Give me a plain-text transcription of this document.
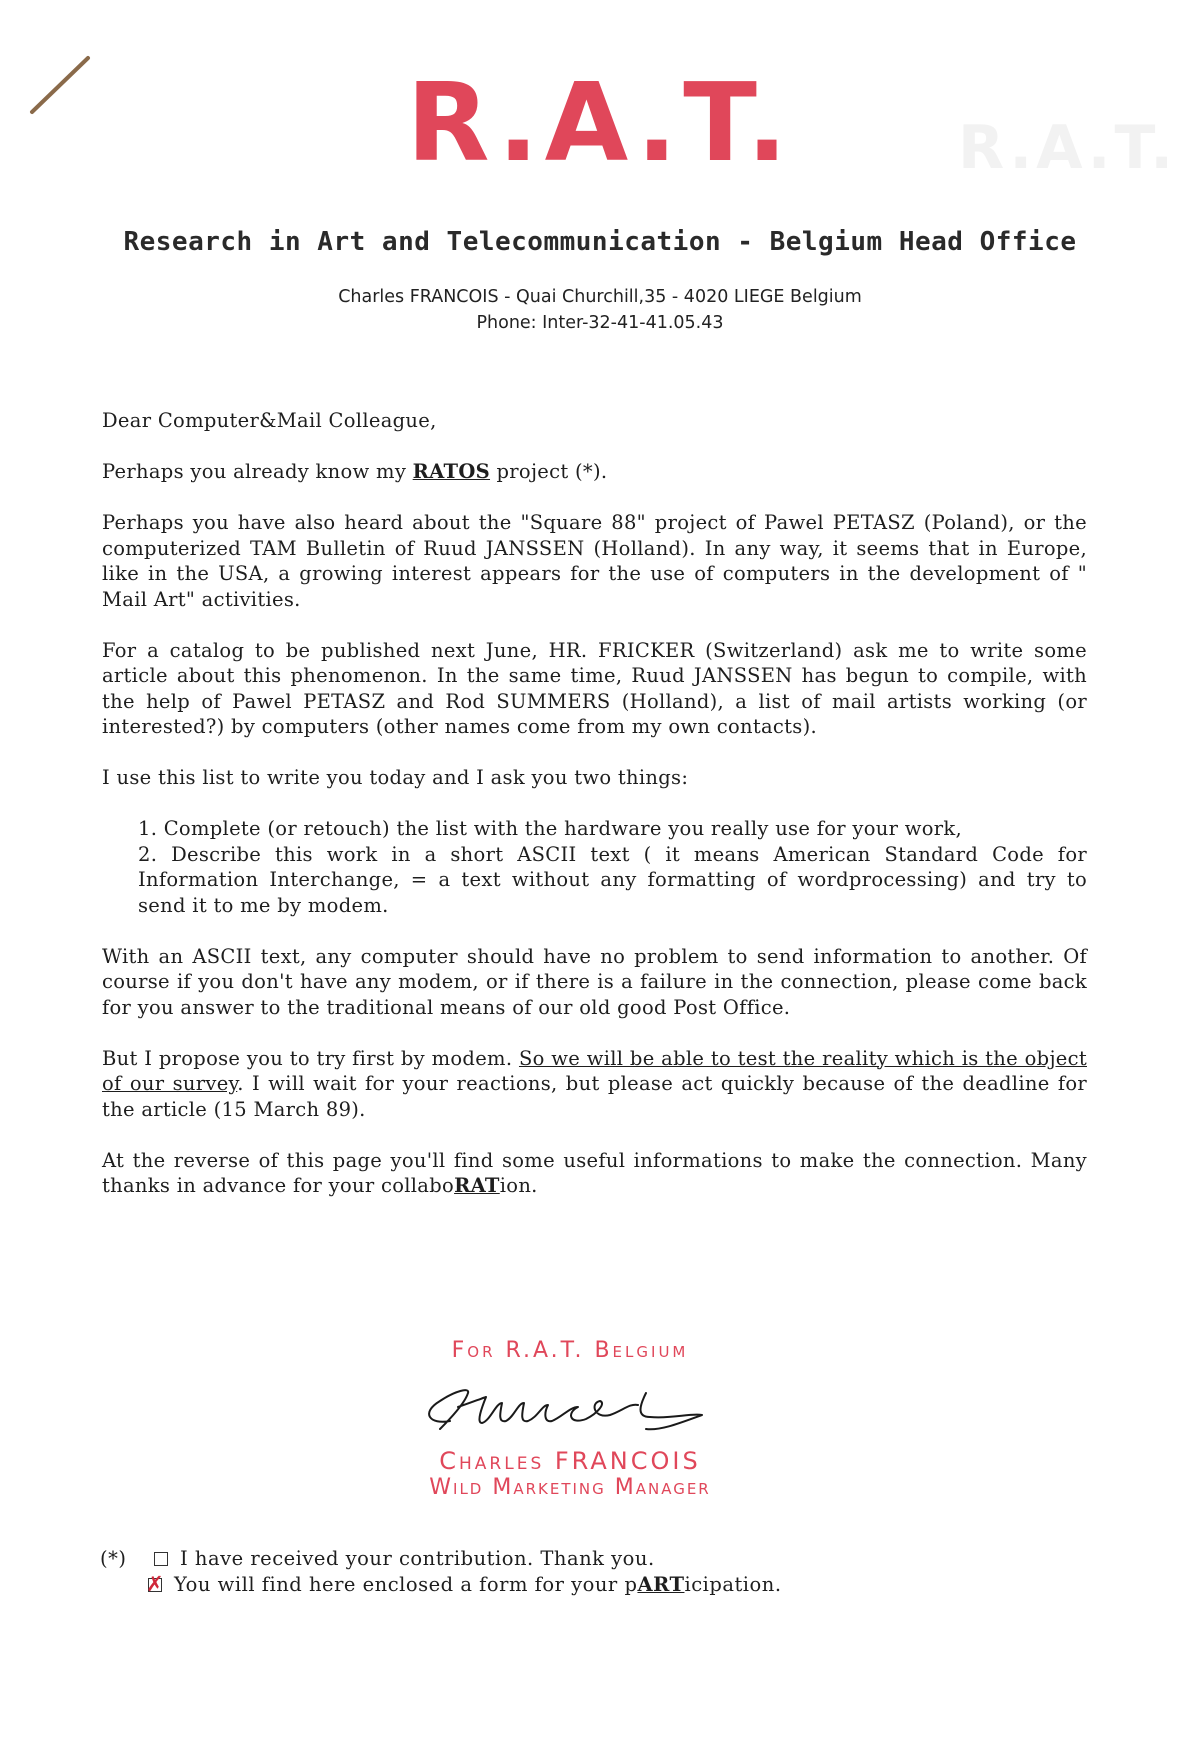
R.A.T.	R.A.T.
Research in Art and Telecommunication - Belgium Head Office
Charles FRANCOIS - Quai Churchill,35 - 4020 LIEGE Belgium
Phone: Inter-32-41-41.05.43

Dear Computer&Mail Colleague,

Perhaps you already know my RATOS project (*).

Perhaps you have also heard about the "Square 88" project of Pawel PETASZ (Poland), or the computerized TAM Bulletin of Ruud JANSSEN (Holland). In any way, it seems that in Europe, like in the USA, a growing interest appears for the use of computers in the development of " Mail Art" activities.

For a catalog to be published next June, HR. FRICKER (Switzerland) ask me to write some article about this phenomenon. In the same time, Ruud JANSSEN has begun to compile, with the help of Pawel PETASZ and Rod SUMMERS (Holland), a list of mail artists working (or interested?) by computers (other names come from my own contacts).

I use this list to write you today and I ask you two things:

1. Complete (or retouch) the list with the hardware you really use for your work,
2. Describe this work in a short ASCII text ( it means American Standard Code for Information Interchange, = a text without any formatting of wordprocessing) and try to send it to me by modem.

With an ASCII text, any computer should have no problem to send information to another. Of course if you don't have any modem, or if there is a failure in the connection, please come back for you answer to the traditional means of our old good Post Office.

But I propose you to try first by modem. So we will be able to test the reality which is the object of our survey. I will wait for your reactions, but please act quickly because of the deadline for the article (15 March 89).

At the reverse of this page you'll find some useful informations to make the connection. Many thanks in advance for your collaboRATion.

For R.A.T. Belgium
Charles FRANCOIS
Wild Marketing Manager
(*)	I have received your contribution. Thank you.
✗
You will find here enclosed a form for your pARTicipation.
